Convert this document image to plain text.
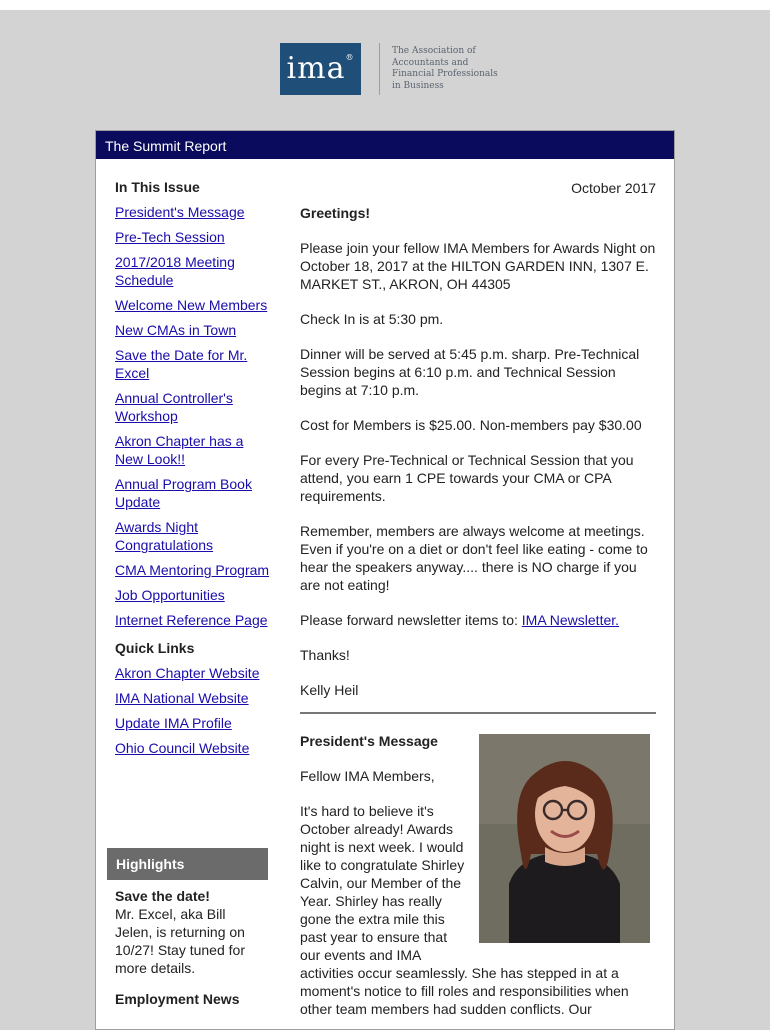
ima®
The Association of
Accountants and
Financial Professionals
in Business
The Summit Report
In This Issue
President's Message
Pre-Tech Session
2017/2018 Meeting Schedule
Welcome New Members
New CMAs in Town
Save the Date for Mr. Excel
Annual Controller's Workshop
Akron Chapter has a New Look!!
Annual Program Book Update
Awards Night Congratulations
CMA Mentoring Program
Job Opportunities
Internet Reference Page
Quick Links
Akron Chapter Website
IMA National Website
Update IMA Profile
Ohio Council Website
Highlights
Save the date!
Mr. Excel, aka Bill Jelen, is returning on 10/27! Stay tuned for more details.
Employment News
October 2017
Greetings!
Please join your fellow IMA Members for Awards Night on October 18, 2017 at the HILTON GARDEN INN, 1307 E. MARKET ST., AKRON, OH 44305
Check In is at 5:30 pm.
Dinner will be served at 5:45 p.m. sharp. Pre-Technical Session begins at 6:10 p.m. and Technical Session begins at 7:10 p.m.
Cost for Members is $25.00. Non-members pay $30.00
For every Pre-Technical or Technical Session that you attend, you earn 1 CPE towards your CMA or CPA requirements.
Remember, members are always welcome at meetings. Even if you're on a diet or don't feel like eating - come to hear the speakers anyway.... there is NO charge if you are not eating!
Please forward newsletter items to: IMA Newsletter.
Thanks!
Kelly Heil
President's Message
Fellow IMA Members,
It's hard to believe it's October already! Awards night is next week. I would like to congratulate Shirley Calvin, our Member of the Year. Shirley has really gone the extra mile this past year to ensure that our events and IMA
activities occur seamlessly. She has stepped in at a moment's notice to fill roles and responsibilities when other team members had sudden conflicts. Our
